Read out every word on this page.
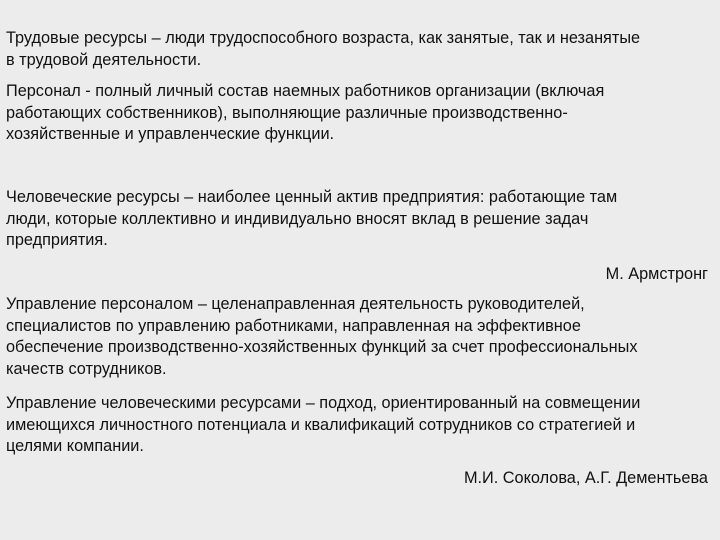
Трудовые ресурсы – люди трудоспособного возраста, как занятые, так и незанятые
в трудовой деятельности.
Персонал - полный личный состав наемных работников организации (включая
работающих собственников), выполняющие различные производственно-
хозяйственные и управленческие функции.
Человеческие ресурсы – наиболее ценный актив предприятия: работающие там
люди, которые коллективно и индивидуально вносят вклад в решение задач
предприятия.
М. Армстронг
Управление персоналом – целенаправленная деятельность руководителей,
специалистов по управлению работниками, направленная на эффективное
обеспечение производственно-хозяйственных функций за счет профессиональных
качеств сотрудников.
Управление человеческими ресурсами – подход, ориентированный на совмещении
имеющихся личностного потенциала и квалификаций сотрудников со стратегией и
целями компании.
М.И. Соколова, А.Г. Дементьева
